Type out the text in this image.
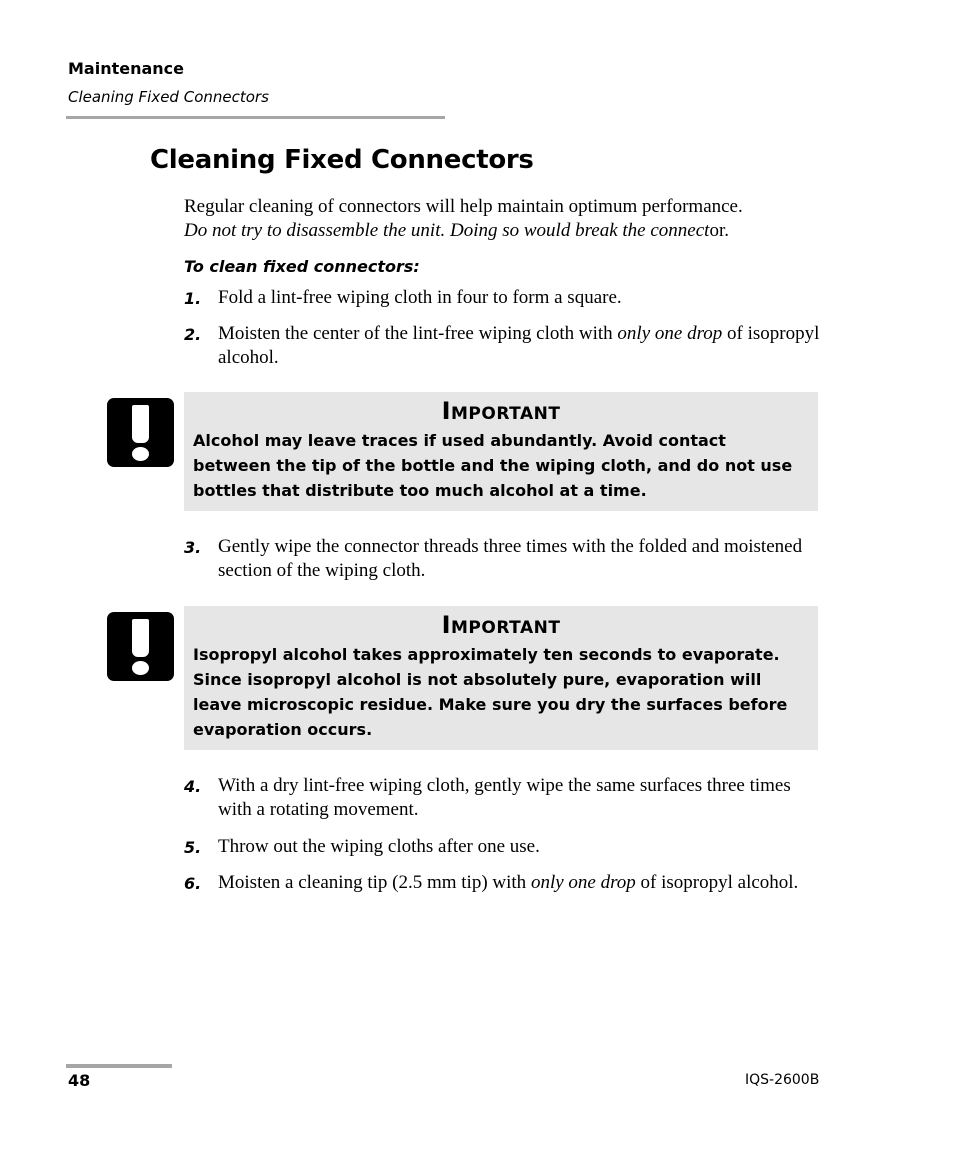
Maintenance
Cleaning Fixed Connectors
Cleaning Fixed Connectors
Regular cleaning of connectors will help maintain optimum performance.
Do not try to disassemble the unit. Doing so would break the connector.
To clean fixed connectors:
1. Fold a lint-free wiping cloth in four to form a square.
2. Moisten the center of the lint-free wiping cloth with only one drop of isopropyl alcohol.
Important
Alcohol may leave traces if used abundantly. Avoid contact between the tip of the bottle and the wiping cloth, and do not use bottles that distribute too much alcohol at a time.
3. Gently wipe the connector threads three times with the folded and moistened section of the wiping cloth.
Important
Isopropyl alcohol takes approximately ten seconds to evaporate. Since isopropyl alcohol is not absolutely pure, evaporation will leave microscopic residue. Make sure you dry the surfaces before evaporation occurs.
4. With a dry lint-free wiping cloth, gently wipe the same surfaces three times with a rotating movement.
5. Throw out the wiping cloths after one use.
6. Moisten a cleaning tip (2.5 mm tip) with only one drop of isopropyl alcohol.
48	IQS-2600B
